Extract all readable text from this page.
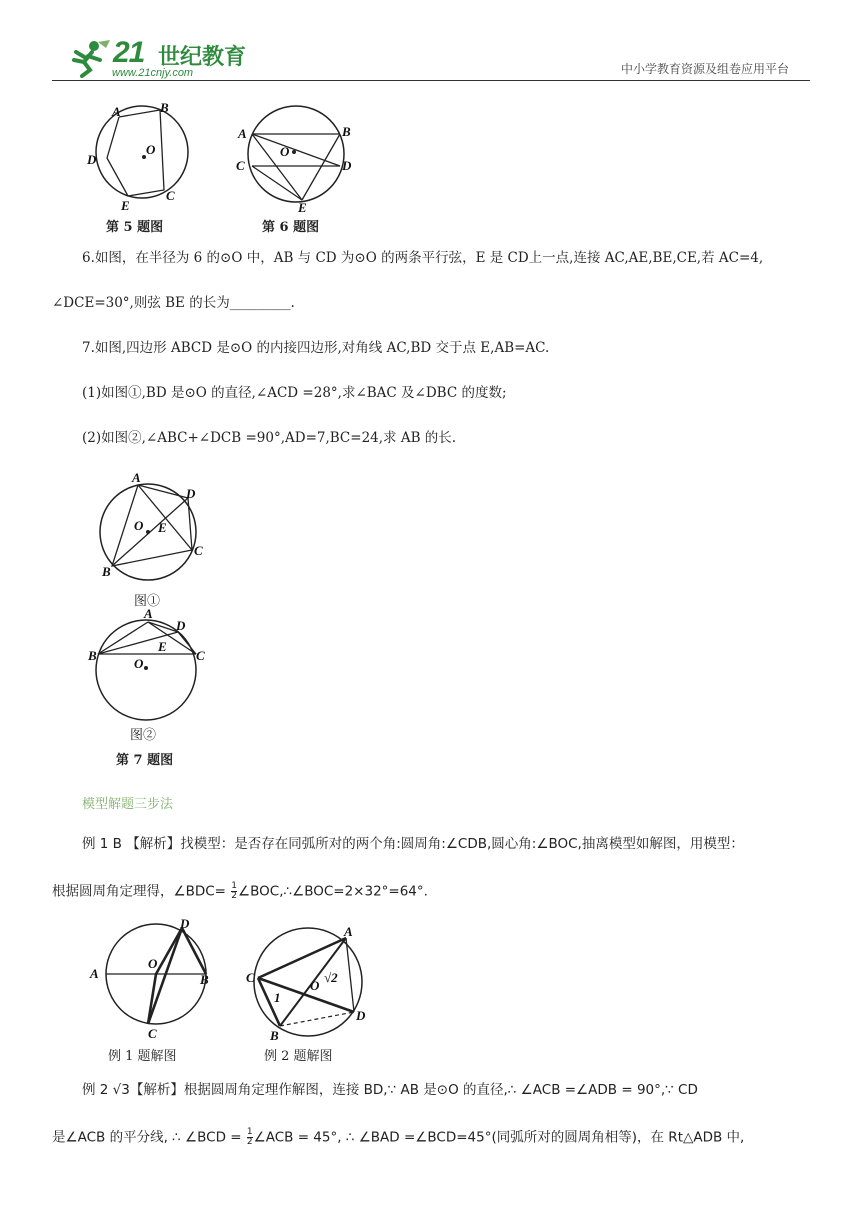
21 世纪教育
www.21cnjy.com	中小学教育资源及组卷应用平台
A	B
C
D
E
O
第 5 题图
A	B
C	D
E
O
第 6 题图
6.如图，在半径为 6 的⊙O 中，AB 与 CD 为⊙O 的两条平行弦，E 是 CD上一点,连接 AC,AE,BE,CE,若 AC=4,
∠DCE=30°,则弦 BE 的长为_________.
7.如图,四边形 ABCD 是⊙O 的内接四边形,对角线 AC,BD 交于点 E,AB=AC.
(1)如图①,BD 是⊙O 的直径,∠ACD =28°,求∠BAC 及∠DBC 的度数;
(2)如图②,∠ABC+∠DCB =90°,AD=7,BC=24,求 AB 的长.
A
D
C
B
E
O
图①
A
D
C
B
E
O
图②
第 7 题图
模型解题三步法
例 1 B 【解析】找模型：是否存在同弧所对的两个角:圆周角:∠CDB,圆心角:∠BOC,抽离模型如解图，用模型：
根据圆周角定理得，∠BDC= $\frac{1}{2}$ ∠BOC,∴∠BOC=2×32°=64°.
A
O
B
D
C
例 1 题解图
A
C
B
D
O
1
√2
例 2 题解图
例 2 √3【解析】根据圆周角定理作解图，连接 BD,∵ AB 是⊙O 的直径,∴ ∠ACB =∠ADB = 90°,∵ CD
是∠ACB 的平分线, ∴ ∠BCD = $\frac{1}{2}$ ∠ACB = 45°, ∴ ∠BAD =∠BCD=45°(同弧所对的圆周角相等)，在 Rt△ADB 中,
